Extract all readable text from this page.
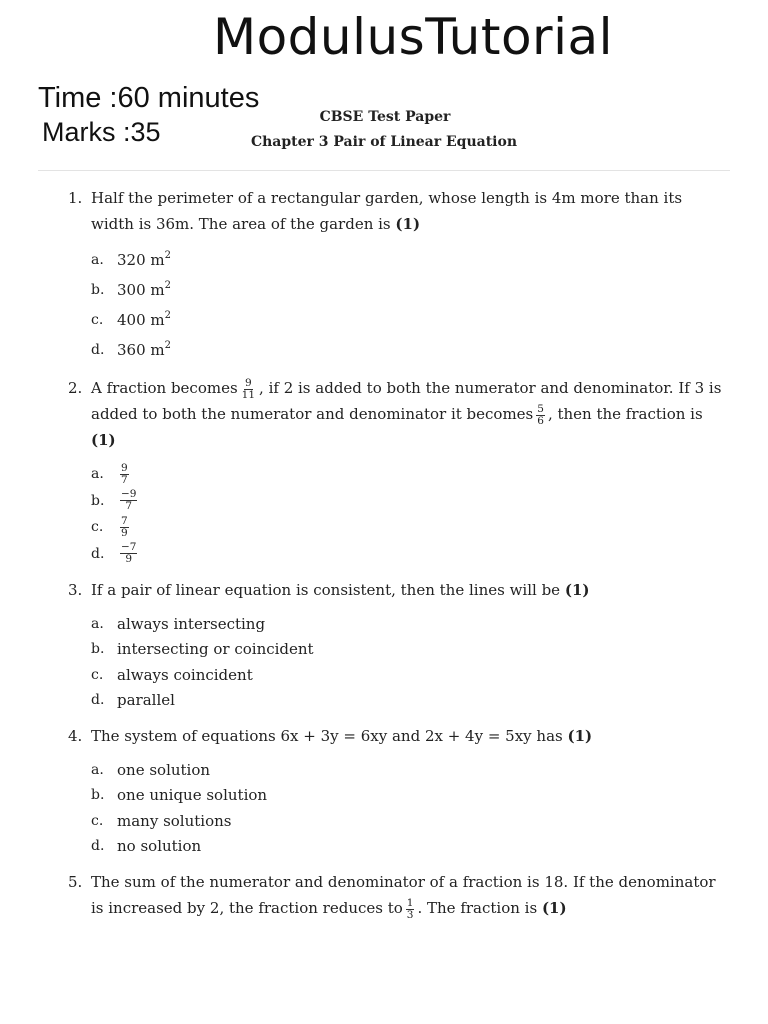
ModulusTutorial
Time :60 minutes
Marks :35	CBSE Test Paper
Chapter 3 Pair of Linear Equation
1. Half the perimeter of a rectangular garden, whose length is 4m more than its width is 36m. The area of the garden is (1)

a. 320 $m^2$
b. 300 $m^2$
c. 400 $m^2$
d. 360 $m^2$
2. A fraction becomes $\frac{9}{11}$ , if 2 is added to both the numerator and denominator. If 3 is added to both the numerator and denominator it becomes $\frac{5}{6}$ , then the fraction is (1)

a.	$\frac{9}{7}$
b.	$\frac{-9}{7}$
c.	$\frac{7}{9}$
d.	$\frac{-7}{9}$
3. If a pair of linear equation is consistent, then the lines will be (1)

a. always intersecting
b. intersecting or coincident
c. always coincident
d. parallel
4. The system of equations 6x + 3y = 6xy and 2x + 4y = 5xy has (1)

a. one solution
b. one unique solution
c. many solutions
d. no solution
5. The sum of the numerator and denominator of a fraction is 18. If the denominator is increased by 2, the fraction reduces to $\frac{1}{3}$ . The fraction is (1)
